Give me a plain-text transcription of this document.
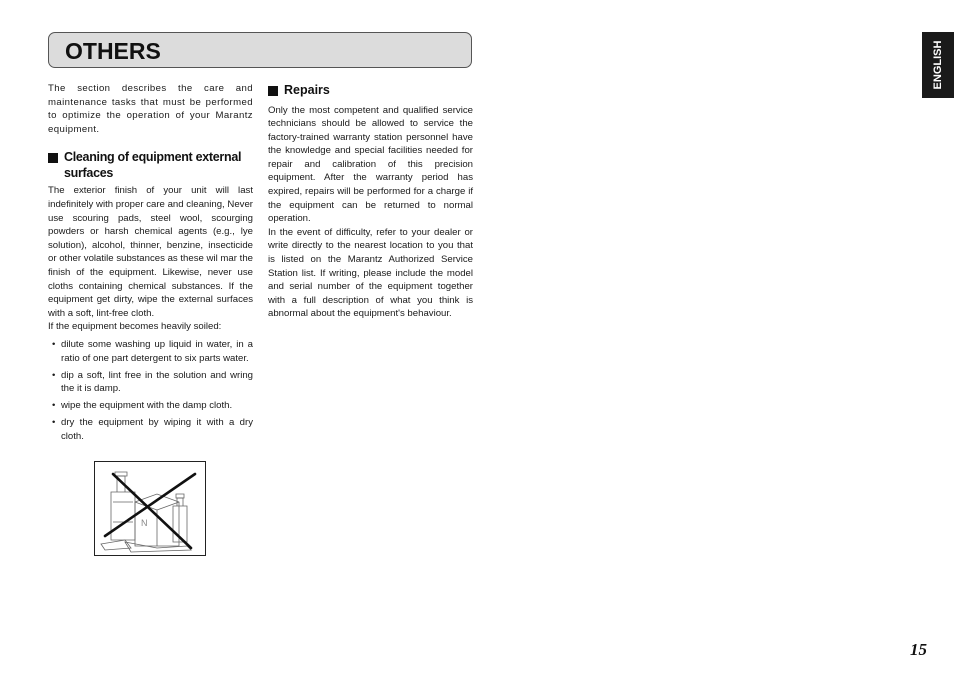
OTHERS	ENGLISH

The section describes the care and maintenance tasks that must be performed to optimize the operation of your Marantz equipment.

Cleaning of equipment external surfaces

The exterior finish of your unit will last indefinitely with proper care and cleaning, Never use scouring pads, steel wool, scourging powders or harsh chemical agents (e.g., lye solution), alcohol, thinner, benzine, insecticide or other volatile substances as these wil mar the finish of the equipment. Likewise, never use cloths containing chemical substances. If the equipment get dirty, wipe the external surfaces with a soft, lint-free cloth.

If the equipment becomes heavily soiled:

• dilute some washing up liquid in water, in a ratio of one part detergent to six parts water.
• dip a soft, lint free in the solution and wring the it is damp.
• wipe the equipment with the damp cloth.
• dry the equipment by wiping it with a dry cloth.
Repairs

Only the most competent and qualified service technicians should be allowed to service the factory-trained warranty station personnel have the knowledge and special facilities needed for repair and calibration of this precision equipment. After the warranty period has expired, repairs will be performed for a charge if the equipment can be returned to normal operation.

In the event of difficulty, refer to your dealer or write directly to the nearest location to you that is listed on the Marantz Authorized Service Station list. If writing, please include the model and serial number of the equipment together with a full description of what you think is abnormal about the equipment's behaviour.

N
15
